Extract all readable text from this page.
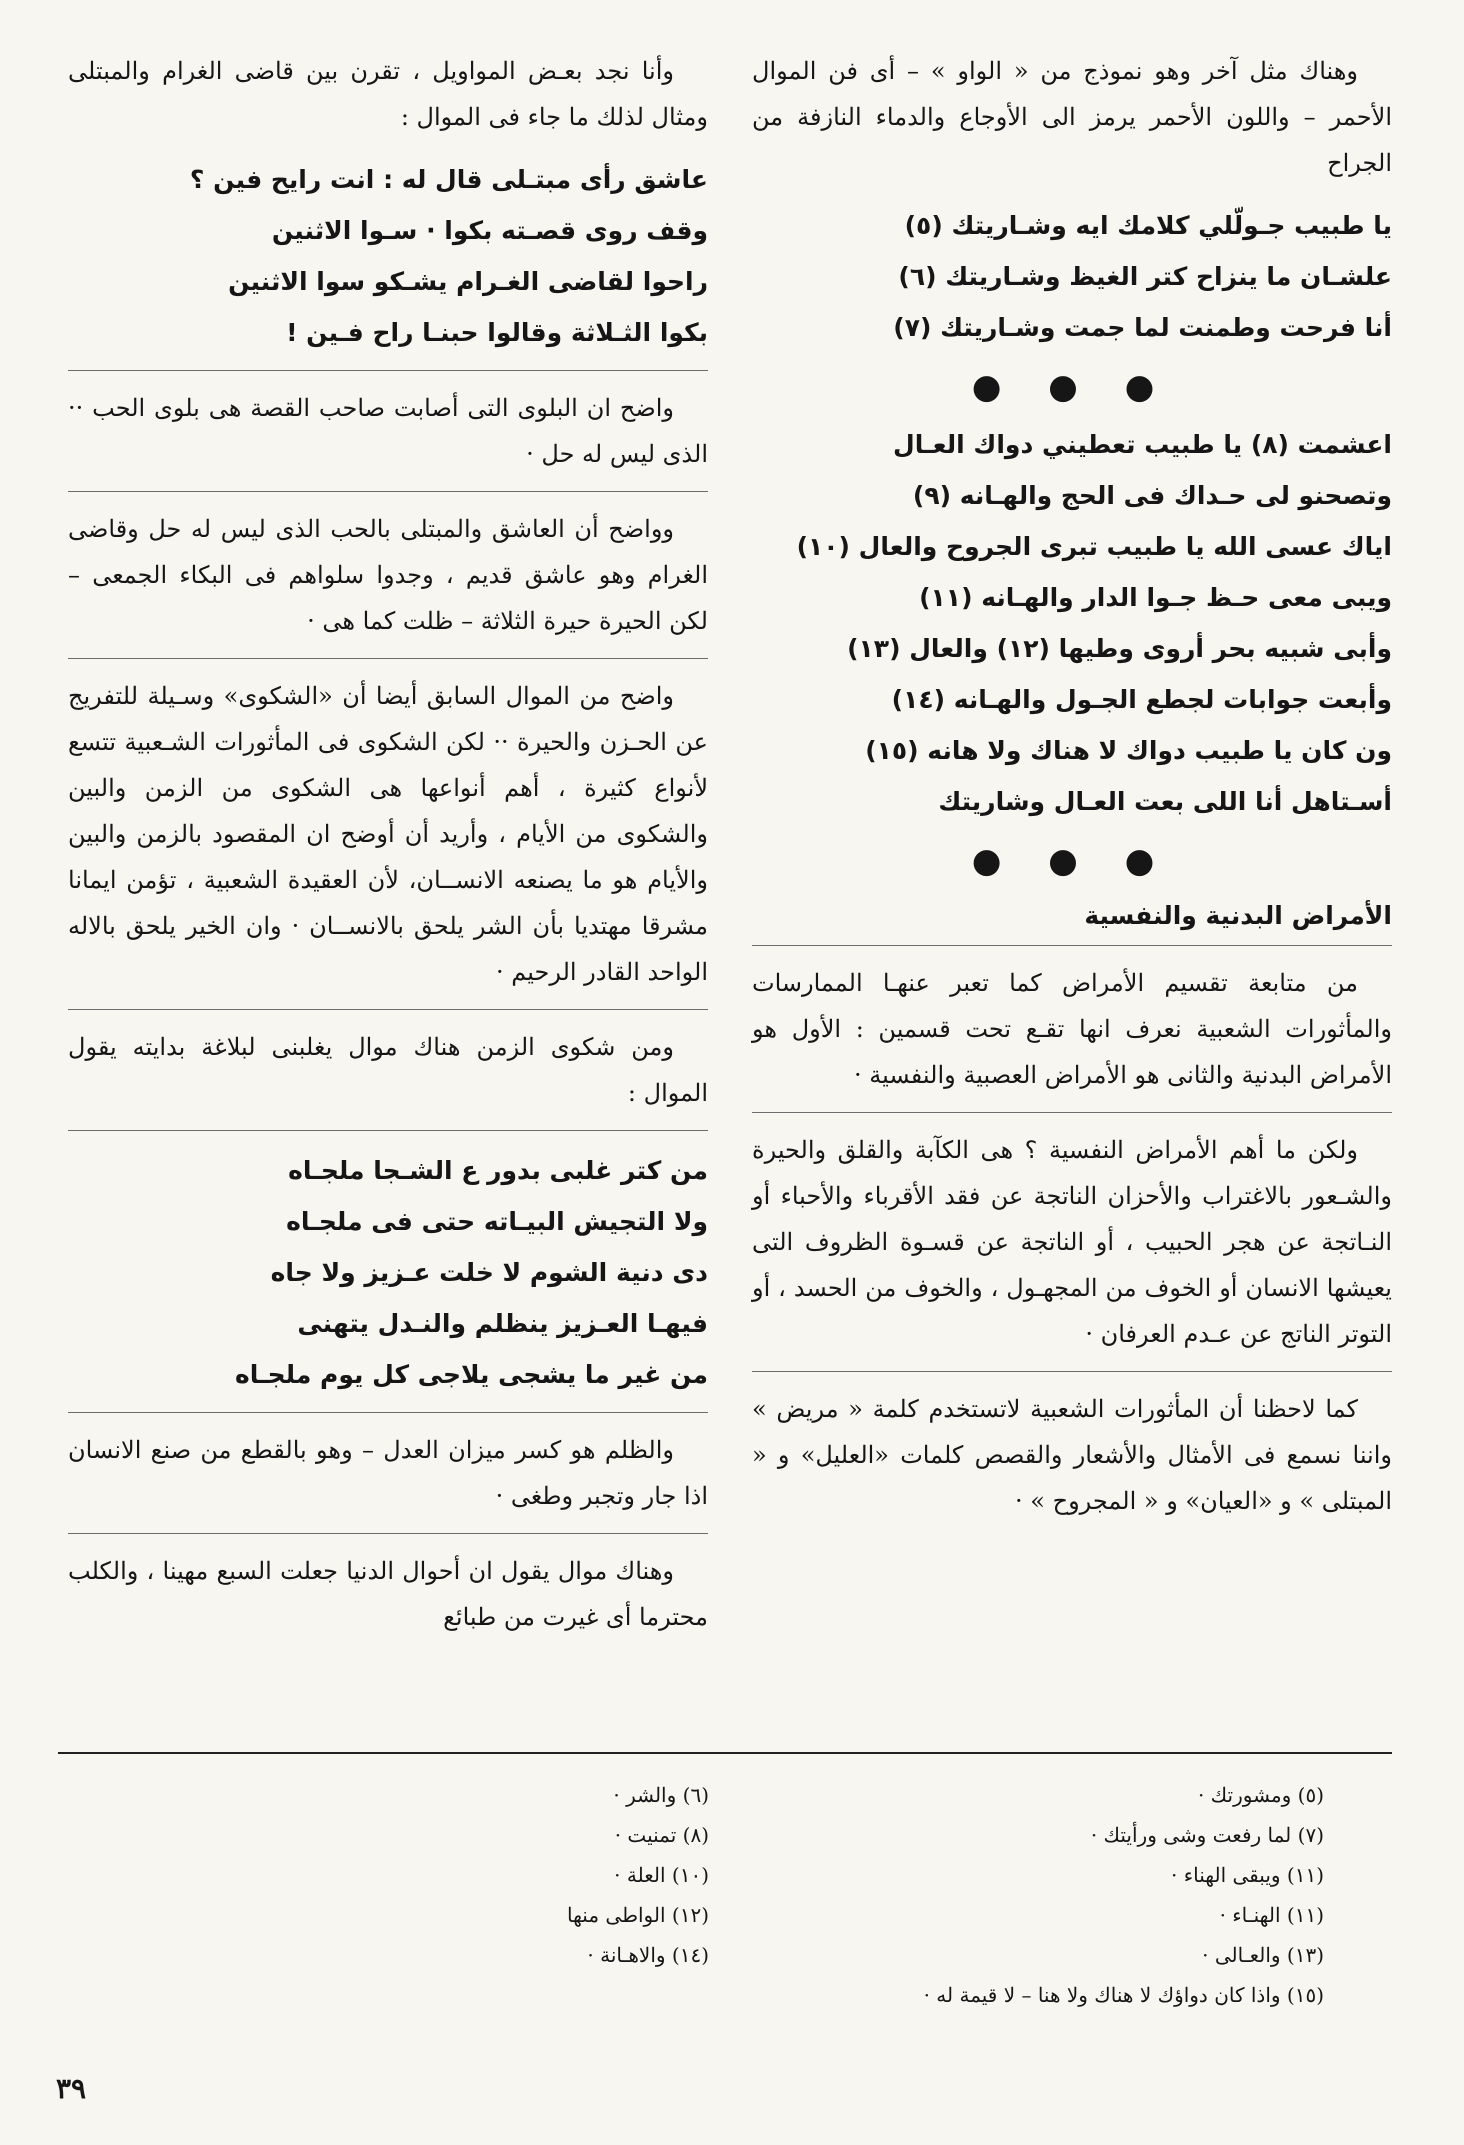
وهناك مثل آخر وهو نموذج من « الواو » – أى فن الموال الأحمر – واللون الأحمر يرمز الى الأوجاع والدماء النازفة من الجراح

يا طبيب جـولّلي كلامك ايه وشـاريتك (٥)
علشـان ما ينزاح كتر الغيظ وشـاريتك (٦)
أنا فرحت وطمنت لما جمت وشـاريتك (٧)
● ● ●
اعشمت (٨) يا طبيب تعطيني دواك العـال
وتصحنو لى حـداك فى الحج والهـانه (٩)
اياك عسى الله يا طبيب تبرى الجروح والعال (١٠)
ويبى معى حـظ جـوا الدار والهـانه (١١)
وأبى شبيه بحر أروى وطيها (١٢) والعال (١٣)
وأبعت جوابات لجطع الجـول والهـانه (١٤)
ون كان يا طبيب دواك لا هناك ولا هانه (١٥)
أسـتاهل أنا اللى بعت العـال وشاريتك
● ● ●
الأمراض البدنية والنفسية

من متابعة تقسيم الأمراض كما تعبر عنهـا الممارسات والمأثورات الشعبية نعرف انها تقـع تحت قسمين : الأول هو الأمراض البدنية والثانى هو الأمراض العصبية والنفسية ·

ولكن ما أهم الأمراض النفسية ؟ هى الكآبة والقلق والحيرة والشـعور بالاغتراب والأحزان الناتجة عن فقد الأقرباء والأحباء أو النـاتجة عن هجر الحبيب ، أو الناتجة عن قسـوة الظروف التى يعيشها الانسان أو الخوف من المجهـول ، والخوف من الحسد ، أو التوتر الناتج عن عـدم العرفان ·

كما لاحظنا أن المأثورات الشعبية لاتستخدم كلمة « مريض » واننا نسمع فى الأمثال والأشعار والقصص كلمات «العليل» و « المبتلى » و «العيان» و « المجروح » ·

وأنا نجد بعـض المواويل ، تقرن بين قاضى الغرام والمبتلى ومثال لذلك ما جاء فى الموال :

عاشق رأى مبتـلى قال له : انت رايح فين ؟
وقف روى قصـته بكوا · سـوا الاثنين
راحوا لقاضى الغـرام يشـكو سوا الاثنين
بكوا الثـلاثة وقالوا حبنـا راح فـين !

واضح ان البلوى التى أصابت صاحب القصة هى بلوى الحب ·· الذى ليس له حل ·

وواضح أن العاشق والمبتلى بالحب الذى ليس له حل وقاضى الغرام وهو عاشق قديم ، وجدوا سلواهم فى البكاء الجمعى – لكن الحيرة حيرة الثلاثة – ظلت كما هى ·

واضح من الموال السابق أيضا أن «الشكوى» وسـيلة للتفريج عن الحـزن والحيرة ·· لكن الشكوى فى المأثورات الشـعبية تتسع لأنواع كثيرة ، أهم أنواعها هى الشكوى من الزمن والبين والشكوى من الأيام ، وأريد أن أوضح ان المقصود بالزمن والبين والأيام هو ما يصنعه الانســان، لأن العقيدة الشعبية ، تؤمن ايمانا مشرقا مهتديا بأن الشر يلحق بالانســان · وان الخير يلحق بالاله الواحد القادر الرحيم ·

ومن شكوى الزمن هناك موال يغلبنى لبلاغة بدايته يقول الموال :

من كتر غلبى بدور ع الشـجا ملجـاه
ولا التجيش البيـاته حتى فى ملجـاه
دى دنية الشوم لا خلت عـزيز ولا جاه
فيهـا العـزيز ينظلم والنـدل يتهنى
من غير ما يشجى يلاجى كل يوم ملجـاه

والظلم هو كسر ميزان العدل – وهو بالقطع من صنع الانسان اذا جار وتجبر وطغى ·

وهناك موال يقول ان أحوال الدنيا جعلت السبع مهينا ، والكلب محترما أى غيرت من طبائع

(٥) ومشورتك ·
(٦) والشر ·
(٧) لما رفعت وشى ورأيتك ·
(٨) تمنيت ·
(١١) ويبقى الهناء ·
(١٠) العلة ·
(١١) الهنـاء ·
(١٢) الواطى منها
(١٣) والعـالى ·
(١٤) والاهـانة ·
(١٥) واذا كان دواؤك لا هناك ولا هنا – لا قيمة له ·
٣٩
